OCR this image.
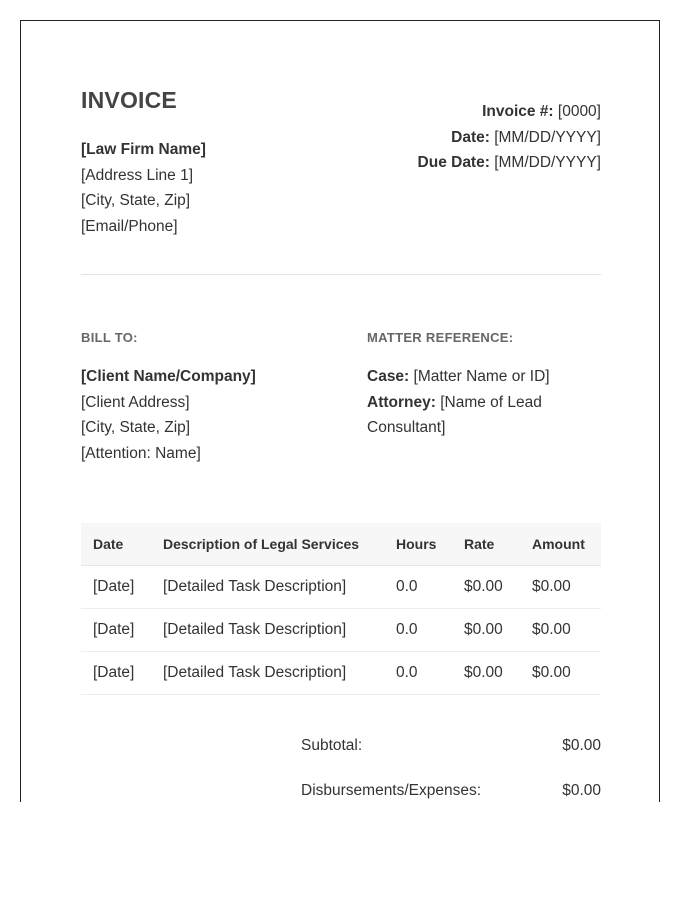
INVOICE
[Law Firm Name]
[Address Line 1]
[City, State, Zip]
[Email/Phone]
Invoice #: [0000]
Date: [MM/DD/YYYY]
Due Date: [MM/DD/YYYY]
BILL TO:	MATTER REFERENCE:
[Client Name/Company]
[Client Address]
[City, State, Zip]
[Attention: Name]
Case: [Matter Name or ID]
Attorney: [Name of Lead Consultant]
Date	Description of Legal Services	Hours	Rate	Amount
[Date]	[Detailed Task Description]	0.0	$0.00	$0.00
[Date]	[Detailed Task Description]	0.0	$0.00	$0.00
[Date]	[Detailed Task Description]	0.0	$0.00	$0.00
Subtotal:	$0.00
Disbursements/Expenses:	$0.00
